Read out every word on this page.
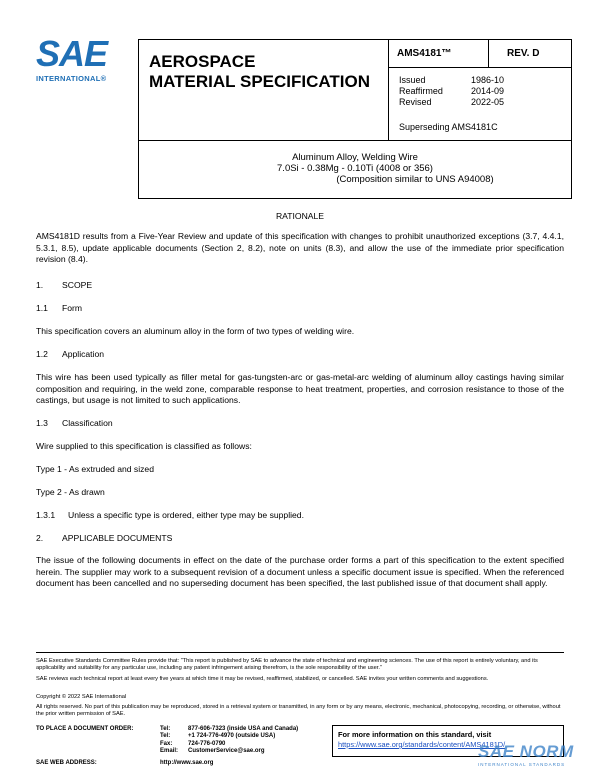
SAE
INTERNATIONAL®
AEROSPACE
MATERIAL SPECIFICATION
AMS4181™	REV. D
Issued	1986-10
Reaffirmed	2014-09
Revised	2022-05
Superseding AMS4181C
Aluminum Alloy, Welding Wire
7.0Si - 0.38Mg - 0.10Ti (4008 or 356)
(Composition similar to UNS A94008)
RATIONALE
AMS4181D results from a Five-Year Review and update of this specification with changes to prohibit unauthorized exceptions (3.7, 4.4.1, 5.3.1, 8.5), update applicable documents (Section 2, 8.2), note on units (8.3), and allow the use of the immediate prior specification revision (8.4).
1. SCOPE
1.1 Form
This specification covers an aluminum alloy in the form of two types of welding wire.
1.2 Application
This wire has been used typically as filler metal for gas-tungsten-arc or gas-metal-arc welding of aluminum alloy castings having similar composition and requiring, in the weld zone, comparable response to heat treatment, properties, and corrosion resistance to those of the castings, but usage is not limited to such applications.
1.3 Classification
Wire supplied to this specification is classified as follows:
Type 1 - As extruded and sized
Type 2 - As drawn
1.3.1 Unless a specific type is ordered, either type may be supplied.
2. APPLICABLE DOCUMENTS
The issue of the following documents in effect on the date of the purchase order forms a part of this specification to the extent specified herein. The supplier may work to a subsequent revision of a document unless a specific document issue is specified. When the referenced document has been cancelled and no superseding document has been specified, the last published issue of that document shall apply.
SAE Executive Standards Committee Rules provide that: “This report is published by SAE to advance the state of technical and engineering sciences. The use of this report is entirely voluntary, and its applicability and suitability for any particular use, including any patent infringement arising therefrom, is the sole responsibility of the user.”
SAE reviews each technical report at least every five years at which time it may be revised, reaffirmed, stabilized, or cancelled. SAE invites your written comments and suggestions.
Copyright © 2022 SAE International
All rights reserved. No part of this publication may be reproduced, stored in a retrieval system or transmitted, in any form or by any means, electronic, mechanical, photocopying, recording, or otherwise, without the prior written permission of SAE.
TO PLACE A DOCUMENT ORDER:	Tel:	877-606-7323 (inside USA and Canada)
Tel:	+1 724-776-4970 (outside USA)
Fax:	724-776-0790
Email:	CustomerService@sae.org
SAE WEB ADDRESS:	http://www.sae.org
For more information on this standard, visit
https://www.sae.org/standards/content/AMS4181D/
SAE NORM
INTERNATIONAL STANDARDS
